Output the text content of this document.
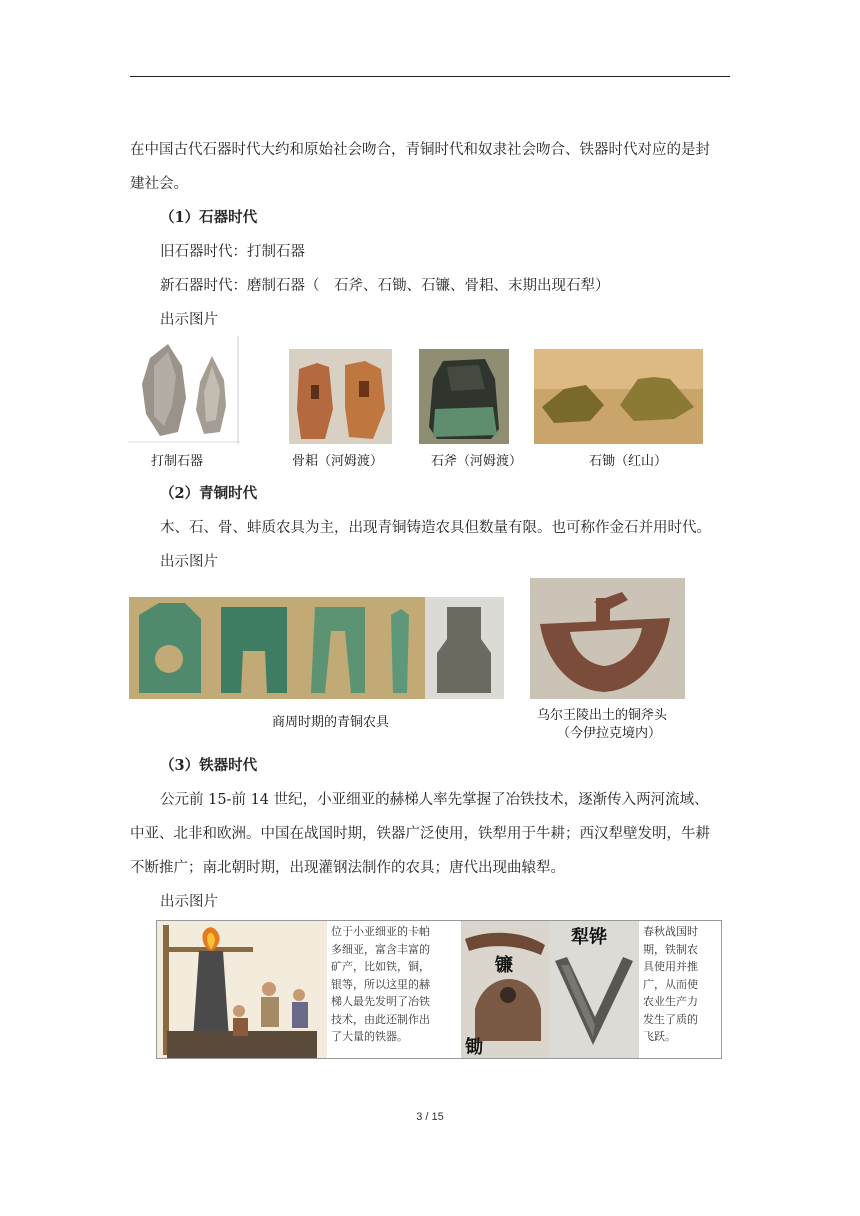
在中国古代石器时代大约和原始社会吻合，青铜时代和奴隶社会吻合、铁器时代对应的是封
建社会。
（1）石器时代
旧石器时代：打制石器
新石器时代：磨制石器（　石斧、石锄、石镰、骨耜、末期出现石犁）
出示图片
打制石器	骨耜（河姆渡）	石斧（河姆渡）	石锄（红山）
（2）青铜时代
木、石、骨、蚌质农具为主，出现青铜铸造农具但数量有限。也可称作金石并用时代。
出示图片
商周时期的青铜农具	乌尔王陵出土的铜斧头
（今伊拉克境内）
（3）铁器时代
公元前 15-前 14 世纪，小亚细亚的赫梯人率先掌握了冶铁技术，逐渐传入两河流域、
中亚、北非和欧洲。中国在战国时期，铁器广泛使用，铁犁用于牛耕；西汉犁壁发明，牛耕
不断推广；南北朝时期，出现灌钢法制作的农具；唐代出现曲辕犁。
出示图片
位于小亚细亚的卡帕
多细亚，富含丰富的
矿产，比如铁，铜，
银等，所以这里的赫
梯人最先发明了冶铁
技术，由此还制作出
了大量的铁器。
镰
锄
犁铧	春秋战国时
期，铁制农
具使用并推
广，从而使
农业生产力
发生了质的
飞跃。
3 / 15
